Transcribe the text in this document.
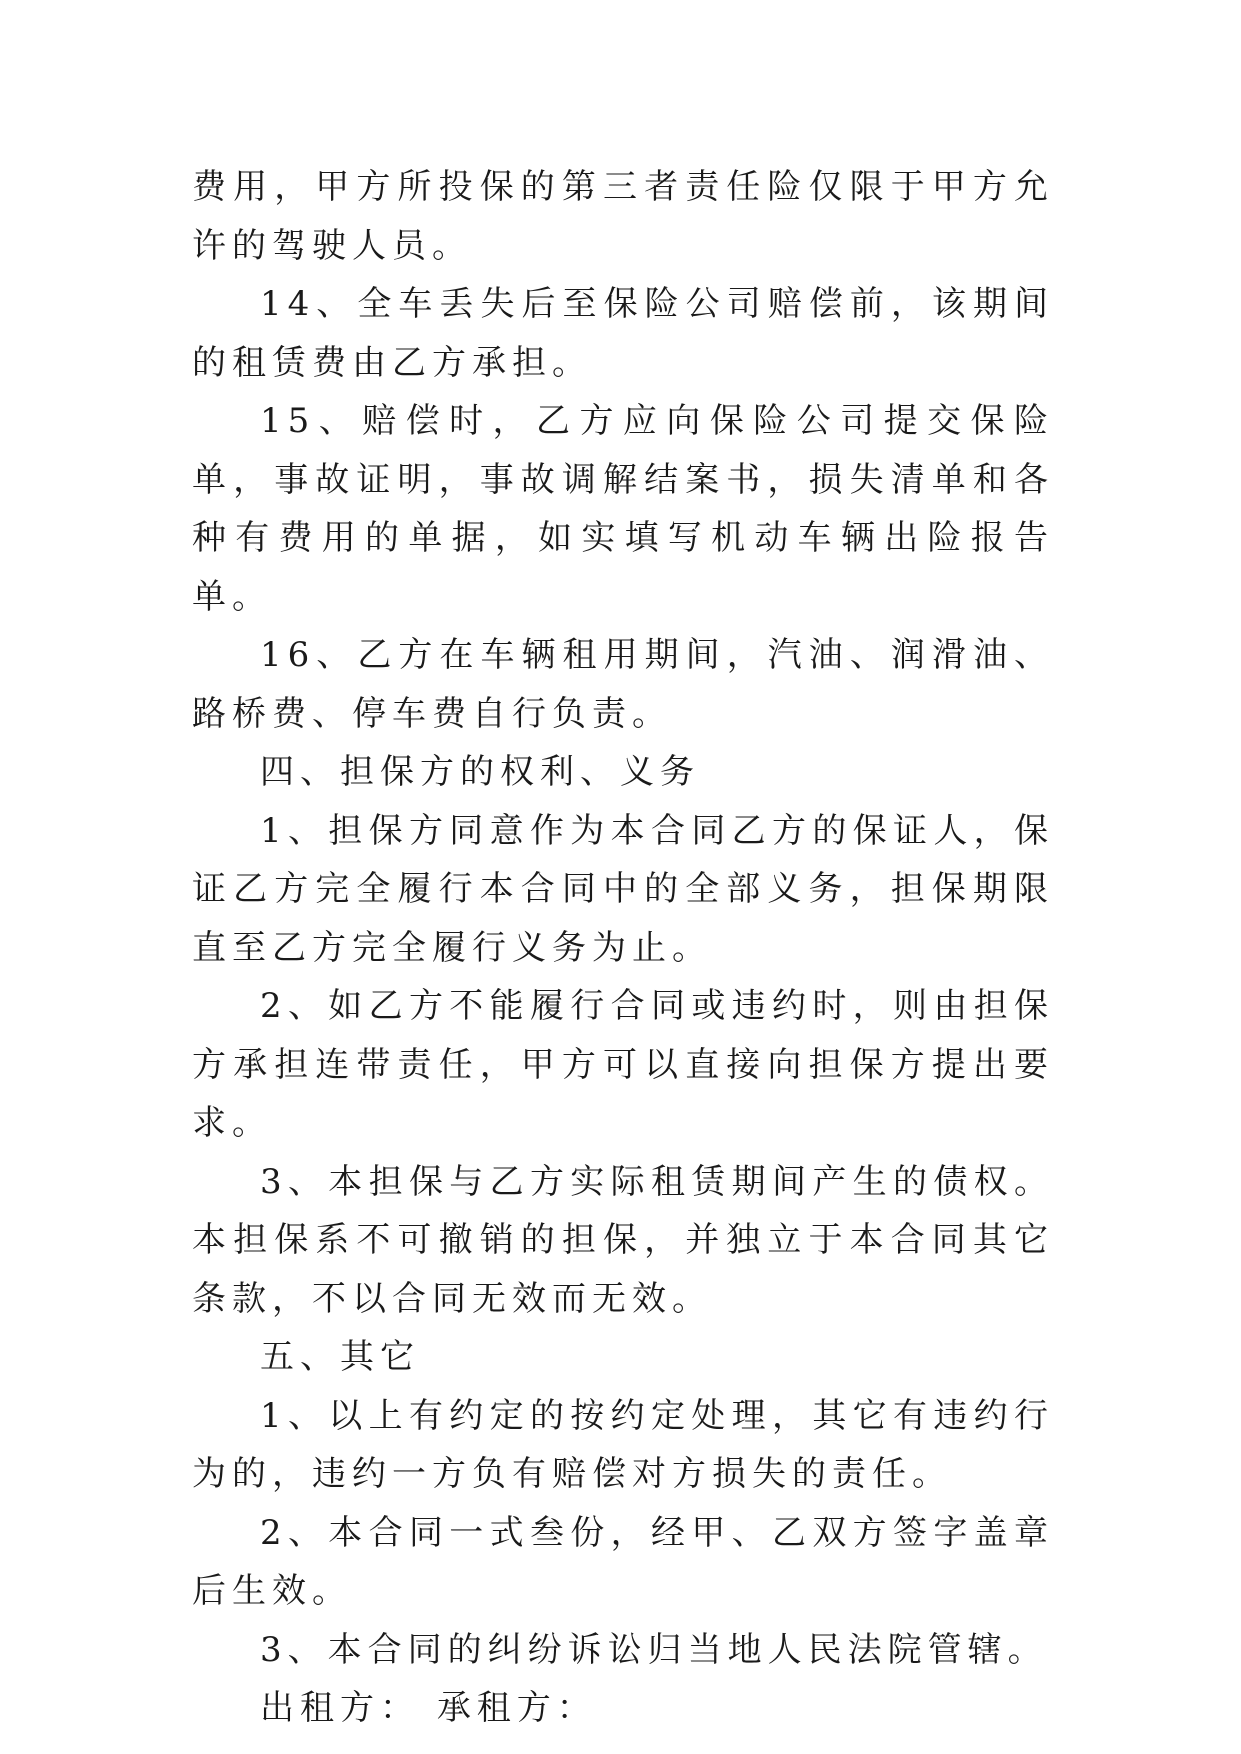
费用，甲方所投保的第三者责任险仅限于甲方允许的驾驶人员。

14、全车丢失后至保险公司赔偿前，该期间的租赁费由乙方承担。

15、赔偿时，乙方应向保险公司提交保险单，事故证明，事故调解结案书，损失清单和各种有费用的单据，如实填写机动车辆出险报告单。

16、乙方在车辆租用期间，汽油、润滑油、路桥费、停车费自行负责。

四、担保方的权利、义务

1、担保方同意作为本合同乙方的保证人，保证乙方完全履行本合同中的全部义务，担保期限直至乙方完全履行义务为止。

2、如乙方不能履行合同或违约时，则由担保方承担连带责任，甲方可以直接向担保方提出要求。

3、本担保与乙方实际租赁期间产生的债权。本担保系不可撤销的担保，并独立于本合同其它条款，不以合同无效而无效。

五、其它

1、以上有约定的按约定处理，其它有违约行为的，违约一方负有赔偿对方损失的责任。

2、本合同一式叁份，经甲、乙双方签字盖章后生效。

3、本合同的纠纷诉讼归当地人民法院管辖。

出租方： 承租方：
